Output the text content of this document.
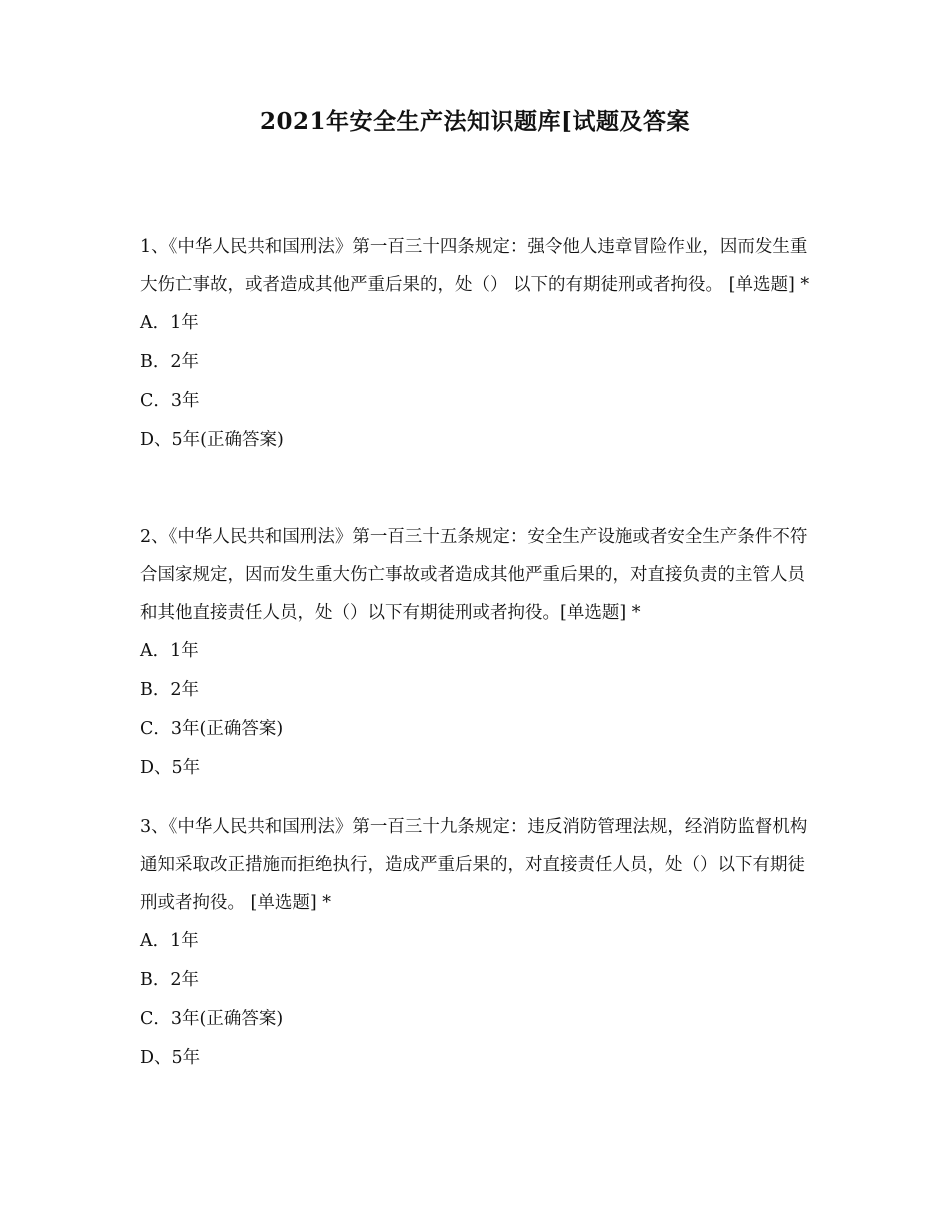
2021年安全生产法知识题库[试题及答案

1、《中华人民共和国刑法》第一百三十四条规定：强令他人违章冒险作业，因而发生重大伤亡事故，或者造成其他严重后果的，处（） 以下的有期徒刑或者拘役。 [单选题] *

A．1年

B．2年

C．3年

D、5年(正确答案)

2、《中华人民共和国刑法》第一百三十五条规定：安全生产设施或者安全生产条件不符合国家规定，因而发生重大伤亡事故或者造成其他严重后果的，对直接负责的主管人员和其他直接责任人员，处（）以下有期徒刑或者拘役。[单选题] *

A．1年

B．2年

C．3年(正确答案)

D、5年

3、《中华人民共和国刑法》第一百三十九条规定：违反消防管理法规，经消防监督机构通知采取改正措施而拒绝执行，造成严重后果的，对直接责任人员，处（）以下有期徒刑或者拘役。 [单选题] *

A．1年

B．2年

C．3年(正确答案)

D、5年
